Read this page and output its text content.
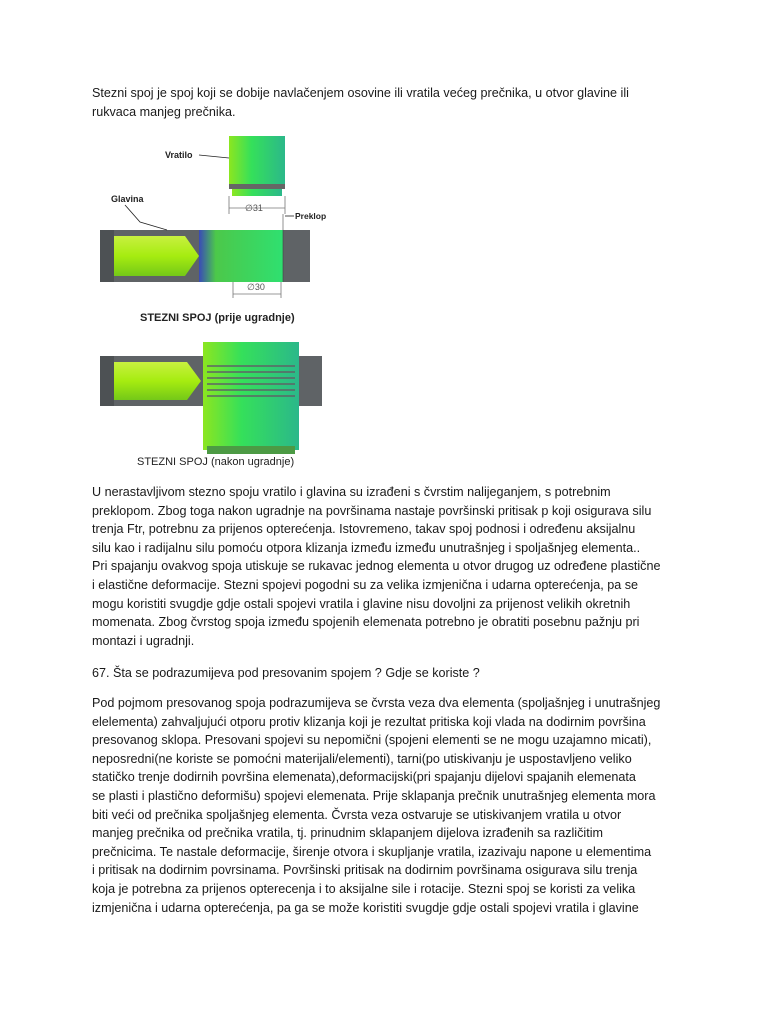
Stezni spoj je spoj koji se dobije navlačenjem osovine ili vratila većeg prečnika, u otvor glavine ili
rukvaca manjeg prečnika.

∅31
∅30
Vratilo
Glavina
Preklop
STEZNI SPOJ (prije ugradnje)
STEZNI SPOJ (nakon ugradnje)

U nerastavljivom stezno spoju vratilo i glavina su izrađeni s čvrstim nalijeganjem, s potrebnim
preklopom. Zbog toga nakon ugradnje na površinama nastaje površinski pritisak p koji osigurava silu
trenja Ftr, potrebnu za prijenos opterećenja. Istovremeno, takav spoj podnosi i određenu aksijalnu
silu kao i radijalnu silu pomoću otpora klizanja između između unutrašnjeg i spoljašnjeg elementa..
Pri spajanju ovakvog spoja utiskuje se rukavac jednog elementa u otvor drugog uz određene plastične
i elastične deformacije. Stezni spojevi pogodni su za velika izmjenična i udarna opterećenja, pa se
mogu koristiti svugdje gdje ostali spojevi vratila i glavine nisu dovoljni za prijenost velikih okretnih
momenata. Zbog čvrstog spoja između spojenih elemenata potrebno je obratiti posebnu pažnju pri
montazi i ugradnji.

67. Šta se podrazumijeva pod presovanim spojem ? Gdje se koriste ?

Pod pojmom presovanog spoja podrazumijeva se čvrsta veza dva elementa (spoljašnjeg i unutrašnjeg
elelementa) zahvaljujući otporu protiv klizanja koji je rezultat pritiska koji vlada na dodirnim površina
presovanog sklopa. Presovani spojevi su nepomični (spojeni elementi se ne mogu uzajamno micati),
neposredni(ne koriste se pomoćni materijali/elementi), tarni(po utiskivanju je uspostavljeno veliko
statičko trenje dodirnih površina elemenata),deformacijski(pri spajanju dijelovi spajanih elemenata
se plasti i plastično deformišu) spojevi elemenata. Prije sklapanja prečnik unutrašnjeg elementa mora
biti veći od prečnika spoljašnjeg elementa. Čvrsta veza ostvaruje se utiskivanjem vratila u otvor
manjeg prečnika od prečnika vratila, tj. prinudnim sklapanjem dijelova izrađenih sa različitim
prečnicima. Te nastale deformacije, širenje otvora i skupljanje vratila, izazivaju napone u elementima
i pritisak na dodirnim povrsinama. Površinski pritisak na dodirnim površinama osigurava silu trenja
koja je potrebna za prijenos opterecenja i to aksijalne sile i rotacije. Stezni spoj se koristi za velika
izmjenična i udarna opterećenja, pa ga se može koristiti svugdje gdje ostali spojevi vratila i glavine
